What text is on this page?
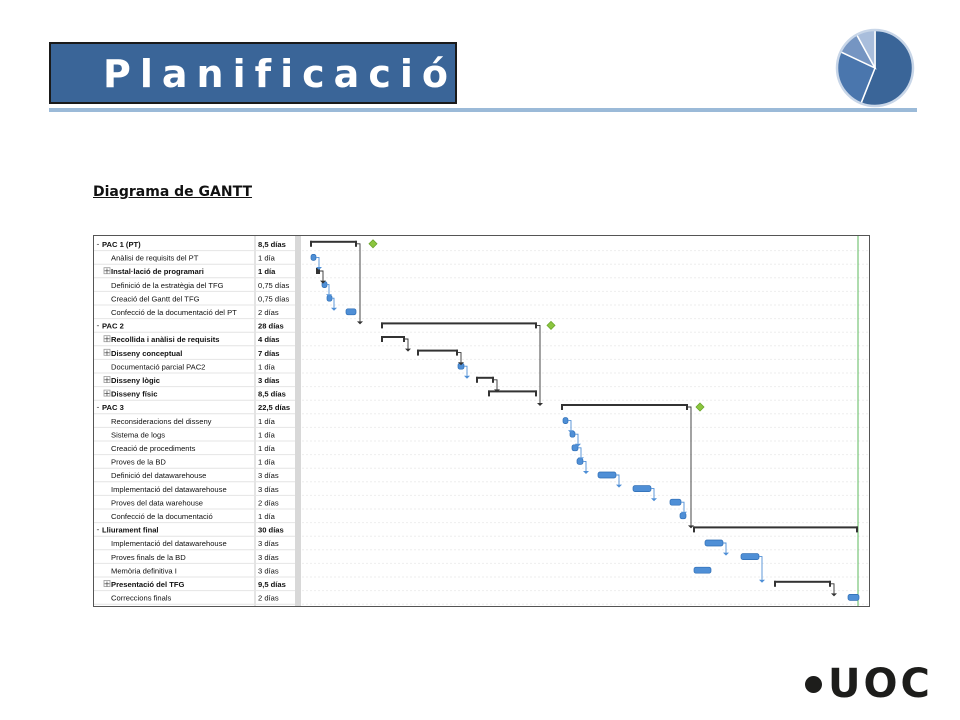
Planificació
Diagrama de GANTT
- PAC 1 (PT)	8,5 días
Anàlisi de requisits del PT	1 día
+ Instal·lació de programari	1 día
Definició de la estratègia del TFG	0,75 días
Creació del Gantt del TFG	0,75 días
Confecció de la documentació del PT	2 días
- PAC 2	28 días
+ Recollida i anàlisi de requisits	4 días
+ Disseny conceptual	7 días
Documentació parcial PAC2	1 día
+ Disseny lògic	3 días
+ Disseny físic	8,5 días
- PAC 3	22,5 días
Reconsideracions del disseny	1 día
Sistema de logs	1 día
Creació de procediments	1 día
Proves de la BD	1 día
Definició del datawarehouse	3 días
Implementació del datawarehouse	3 días
Proves del data warehouse	2 días
Confecció de la documentació	1 día
- Lliurament final	30 días
Implementació del datawarehouse	3 días
Proves finals de la BD	3 días
Memòria definitiva I	3 días
+ Presentació del TFG	9,5 días
Correccions finals	2 días
UOC
